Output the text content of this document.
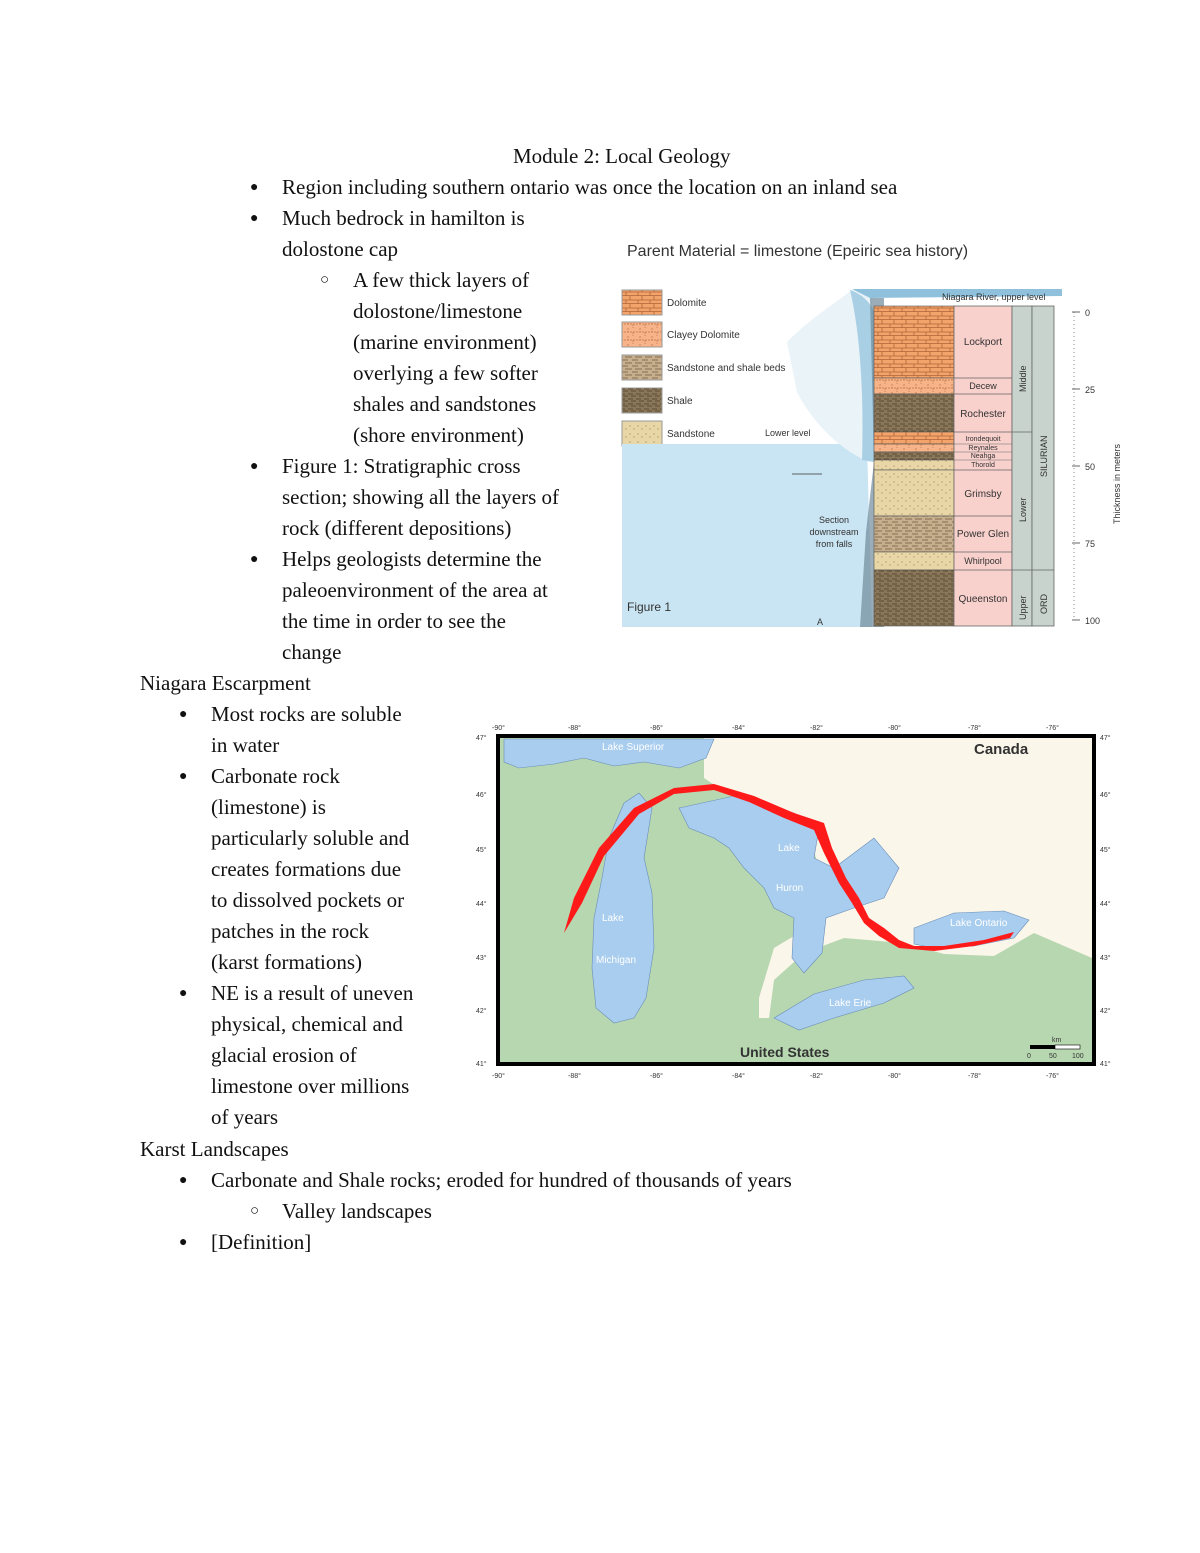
Module 2: Local Geology
● Region including southern ontario was once the location on an inland sea
● Much bedrock in hamilton is
dolostone cap
○ A few thick layers of
dolostone/limestone
(marine environment)
overlying a few softer
shales and sandstones
(shore environment)
● Figure 1: Stratigraphic cross
section; showing all the layers of
rock (different depositions)
● Helps geologists determine the
paleoenvironment of the area at
the time in order to see the
change
Niagara Escarpment
● Most rocks are soluble
in water
● Carbonate rock
(limestone) is
particularly soluble and
creates formations due
to dissolved pockets or
patches in the rock
(karst formations)
● NE is a result of uneven
physical, chemical and
glacial erosion of
limestone over millions
of years
Karst Landscapes
● Carbonate and Shale rocks; eroded for hundred of thousands of years
○ Valley landscapes
● [Definition]
Parent Material = limestone (Epeiric sea history)
Dolomite
Clayey Dolomite
Sandstone and shale beds
Shale
Sandstone
Lockport
Decew
Rochester
Irondequoit
Reynales
Neahga
Thorold
Grimsby
Power Glen
Whirlpool
Queenston
Middle
Lower
Upper
SILURIAN
ORD
0
25
50
75
100
Thickness in meters
Niagara River, upper level
Lower level
Section
downstream
from falls
A
Figure 1
-90°	-88°	-86°	-84°	-82°	-80°	-78°	-76°
-90°	-88°	-86°	-84°	-82°	-80°	-78°	-76°
47°
46°
45°
44°
43°
42°
41°
47°
46°
45°
44°
43°
42°
41°
Lake Superior	Canada
Lake
Huron
Lake
Michigan
Lake Ontario
Lake Erie
United States
km
0	50 100
